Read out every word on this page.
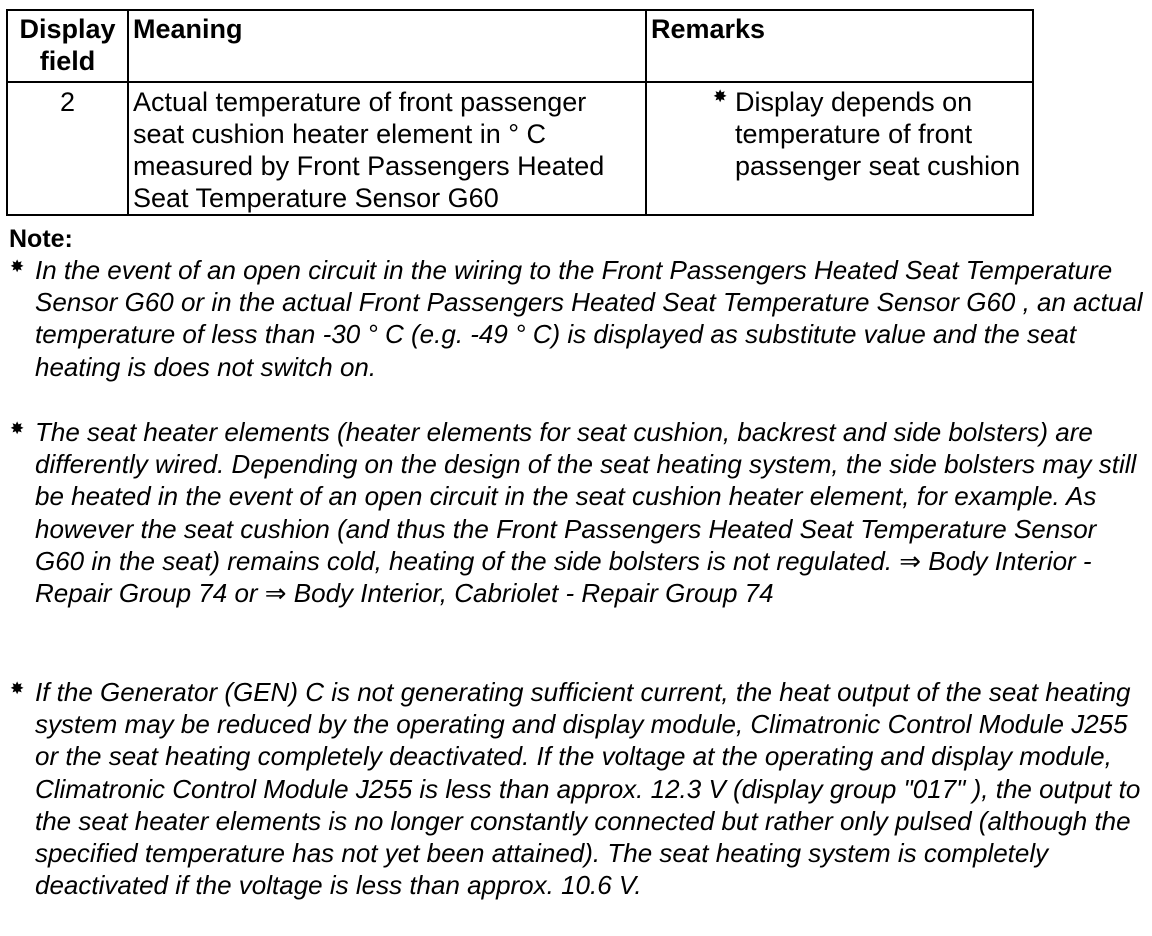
Display field	Meaning	Remarks
2	Actual temperature of front passenger seat cushion heater element in ° C measured by Front Passengers Heated Seat Temperature Sensor G60	✸ Display depends on temperature of front passenger seat cushion
Note:
✸ In the event of an open circuit in the wiring to the Front Passengers Heated Seat Temperature Sensor G60 or in the actual Front Passengers Heated Seat Temperature Sensor G60 , an actual temperature of less than -30 ° C (e.g. -49 ° C) is displayed as substitute value and the seat heating is does not switch on.
✸ The seat heater elements (heater elements for seat cushion, backrest and side bolsters) are differently wired. Depending on the design of the seat heating system, the side bolsters may still be heated in the event of an open circuit in the seat cushion heater element, for example. As however the seat cushion (and thus the Front Passengers Heated Seat Temperature Sensor G60 in the seat) remains cold, heating of the side bolsters is not regulated. ⇒ Body Interior - Repair Group 74 or ⇒ Body Interior, Cabriolet - Repair Group 74
✸ If the Generator (GEN) C is not generating sufficient current, the heat output of the seat heating system may be reduced by the operating and display module, Climatronic Control Module J255 or the seat heating completely deactivated. If the voltage at the operating and display module, Climatronic Control Module J255 is less than approx. 12.3 V (display group "017" ), the output to the seat heater elements is no longer constantly connected but rather only pulsed (although the specified temperature has not yet been attained). The seat heating system is completely deactivated if the voltage is less than approx. 10.6 V.
